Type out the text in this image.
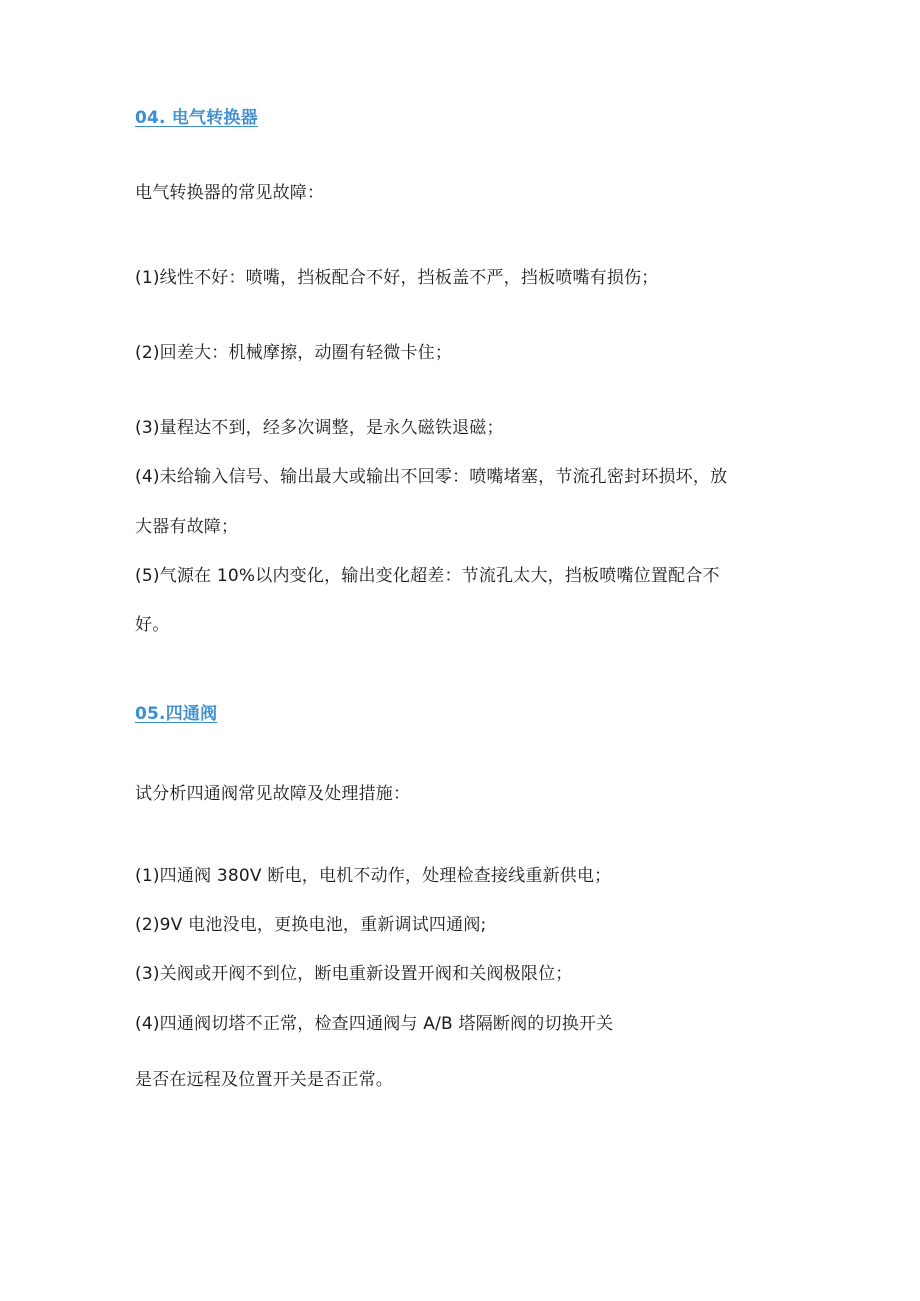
04. 电气转换器
电气转换器的常见故障：
(1)线性不好：喷嘴，挡板配合不好，挡板盖不严，挡板喷嘴有损伤；
(2)回差大：机械摩擦，动圈有轻微卡住；
(3)量程达不到，经多次调整，是永久磁铁退磁；
(4)未给输入信号、输出最大或输出不回零：喷嘴堵塞，节流孔密封环损坏，放
大器有故障；
(5)气源在 10%以内变化，输出变化超差：节流孔太大，挡板喷嘴位置配合不
好。
05.四通阀
试分析四通阀常见故障及处理措施：
(1)四通阀 380V 断电，电机不动作，处理检查接线重新供电；
(2)9V 电池没电，更换电池，重新调试四通阀;
(3)关阀或开阀不到位，断电重新设置开阀和关阀极限位；
(4)四通阀切塔不正常，检查四通阀与 A/B 塔隔断阀的切换开关
是否在远程及位置开关是否正常。
